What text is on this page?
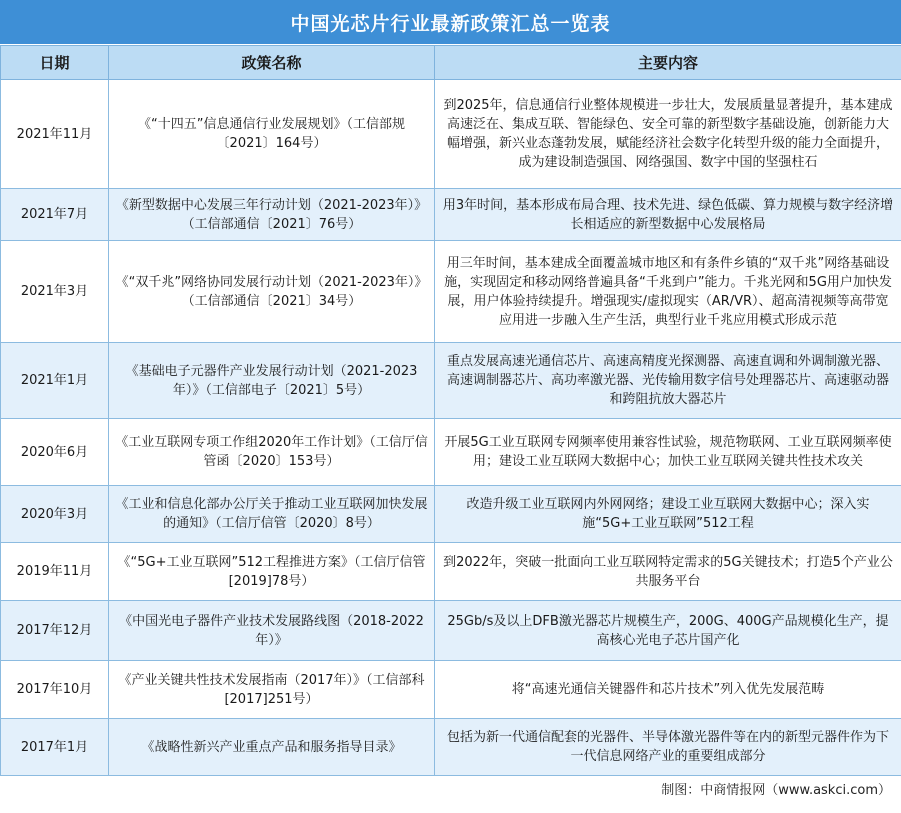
中国光芯片行业最新政策汇总一览表
日期	政策名称	主要内容
2021年11月	《“十四五”信息通信行业发展规划》（工信部规〔2021〕164号）	到2025年，信息通信行业整体规模进一步壮大，发展质量显著提升，基本建成高速泛在、集成互联、智能绿色、安全可靠的新型数字基础设施，创新能力大幅增强，新兴业态蓬勃发展，赋能经济社会数字化转型升级的能力全面提升，成为建设制造强国、网络强国、数字中国的坚强柱石
2021年7月	《新型数据中心发展三年行动计划（2021-2023年）》（工信部通信〔2021〕76号）	用3年时间，基本形成布局合理、技术先进、绿色低碳、算力规模与数字经济增长相适应的新型数据中心发展格局
2021年3月	《“双千兆”网络协同发展行动计划（2021-2023年）》（工信部通信〔2021〕34号）	用三年时间，基本建成全面覆盖城市地区和有条件乡镇的“双千兆”网络基础设施，实现固定和移动网络普遍具备“千兆到户”能力。千兆光网和5G用户加快发展，用户体验持续提升。增强现实/虚拟现实（AR/VR）、超高清视频等高带宽应用进一步融入生产生活，典型行业千兆应用模式形成示范
2021年1月	《基础电子元器件产业发展行动计划（2021-2023年）》（工信部电子〔2021〕5号）	重点发展高速光通信芯片、高速高精度光探测器、高速直调和外调制激光器、高速调制器芯片、高功率激光器、光传输用数字信号处理器芯片、高速驱动器和跨阻抗放大器芯片
2020年6月	《工业互联网专项工作组2020年工作计划》（工信厅信管函〔2020〕153号）	开展5G工业互联网专网频率使用兼容性试验，规范物联网、工业互联网频率使用；建设工业互联网大数据中心；加快工业互联网关键共性技术攻关
2020年3月	《工业和信息化部办公厅关于推动工业互联网加快发展的通知》（工信厅信管〔2020〕8号）	改造升级工业互联网内外网网络；建设工业互联网大数据中心；深入实施“5G+工业互联网”512工程
2019年11月	《“5G+工业互联网”512工程推进方案》（工信厅信管[2019]78号）	到2022年，突破一批面向工业互联网特定需求的5G关键技术；打造5个产业公共服务平台
2017年12月	《中国光电子器件产业技术发展路线图（2018-2022年）》	25Gb/s及以上DFB激光器芯片规模生产，200G、400G产品规模化生产，提高核心光电子芯片国产化
2017年10月	《产业关键共性技术发展指南（2017年）》（工信部科[2017]251号）	将“高速光通信关键器件和芯片技术”列入优先发展范畴
2017年1月	《战略性新兴产业重点产品和服务指导目录》	包括为新一代通信配套的光器件、半导体激光器件等在内的新型元器件作为下一代信息网络产业的重要组成部分
制图：中商情报网（www.askci.com）
